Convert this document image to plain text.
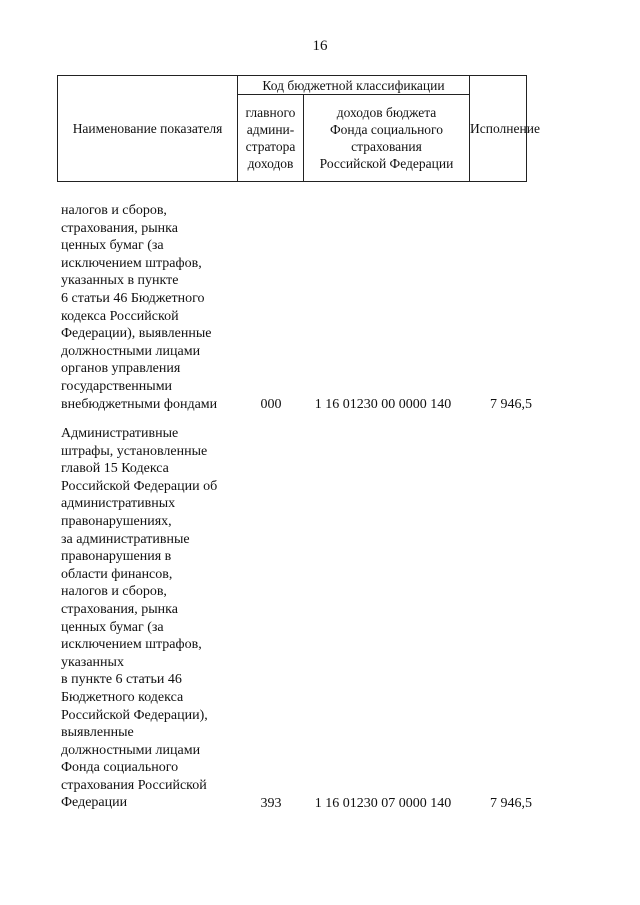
16
Наименование показателя	Код бюджетной классификации		Исполнение
	главного админи-стратора доходов	доходов бюджета Фонда социального страхования Российской Федерации	
налогов и сборов,
страхования, рынка
ценных бумаг (за
исключением штрафов,
указанных в пункте
6 статьи 46 Бюджетного
кодекса Российской
Федерации), выявленные
должностными лицами
органов управления
государственными
внебюджетными фондами	000	1 16 01230 00 0000 140	7 946,5
Административные
штрафы, установленные
главой 15 Кодекса
Российской Федерации об
административных
правонарушениях,
за административные
правонарушения в
области финансов,
налогов и сборов,
страхования, рынка
ценных бумаг (за
исключением штрафов,
указанных
в пункте 6 статьи 46
Бюджетного кодекса
Российской Федерации),
выявленные
должностными лицами
Фонда социального
страхования Российской
Федерации	393	1 16 01230 07 0000 140	7 946,5
